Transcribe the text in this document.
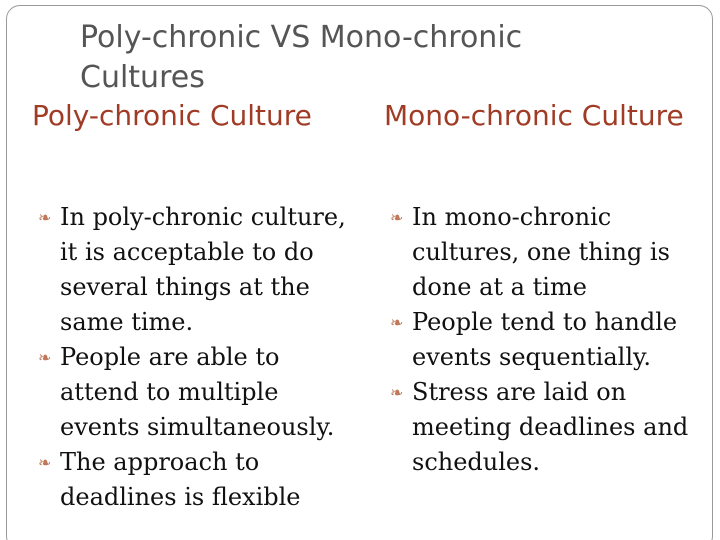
Poly-chronic VS Mono-chronic Cultures
Poly-chronic Culture	Mono-chronic Culture
❧ In poly-chronic culture, it is acceptable to do several things at the same time.
❧ People are able to attend to multiple events simultaneously.
❧ The approach to deadlines is flexible
❧ In mono-chronic cultures, one thing is done at a time
❧ People tend to handle events sequentially.
❧ Stress are laid on meeting deadlines and schedules.
